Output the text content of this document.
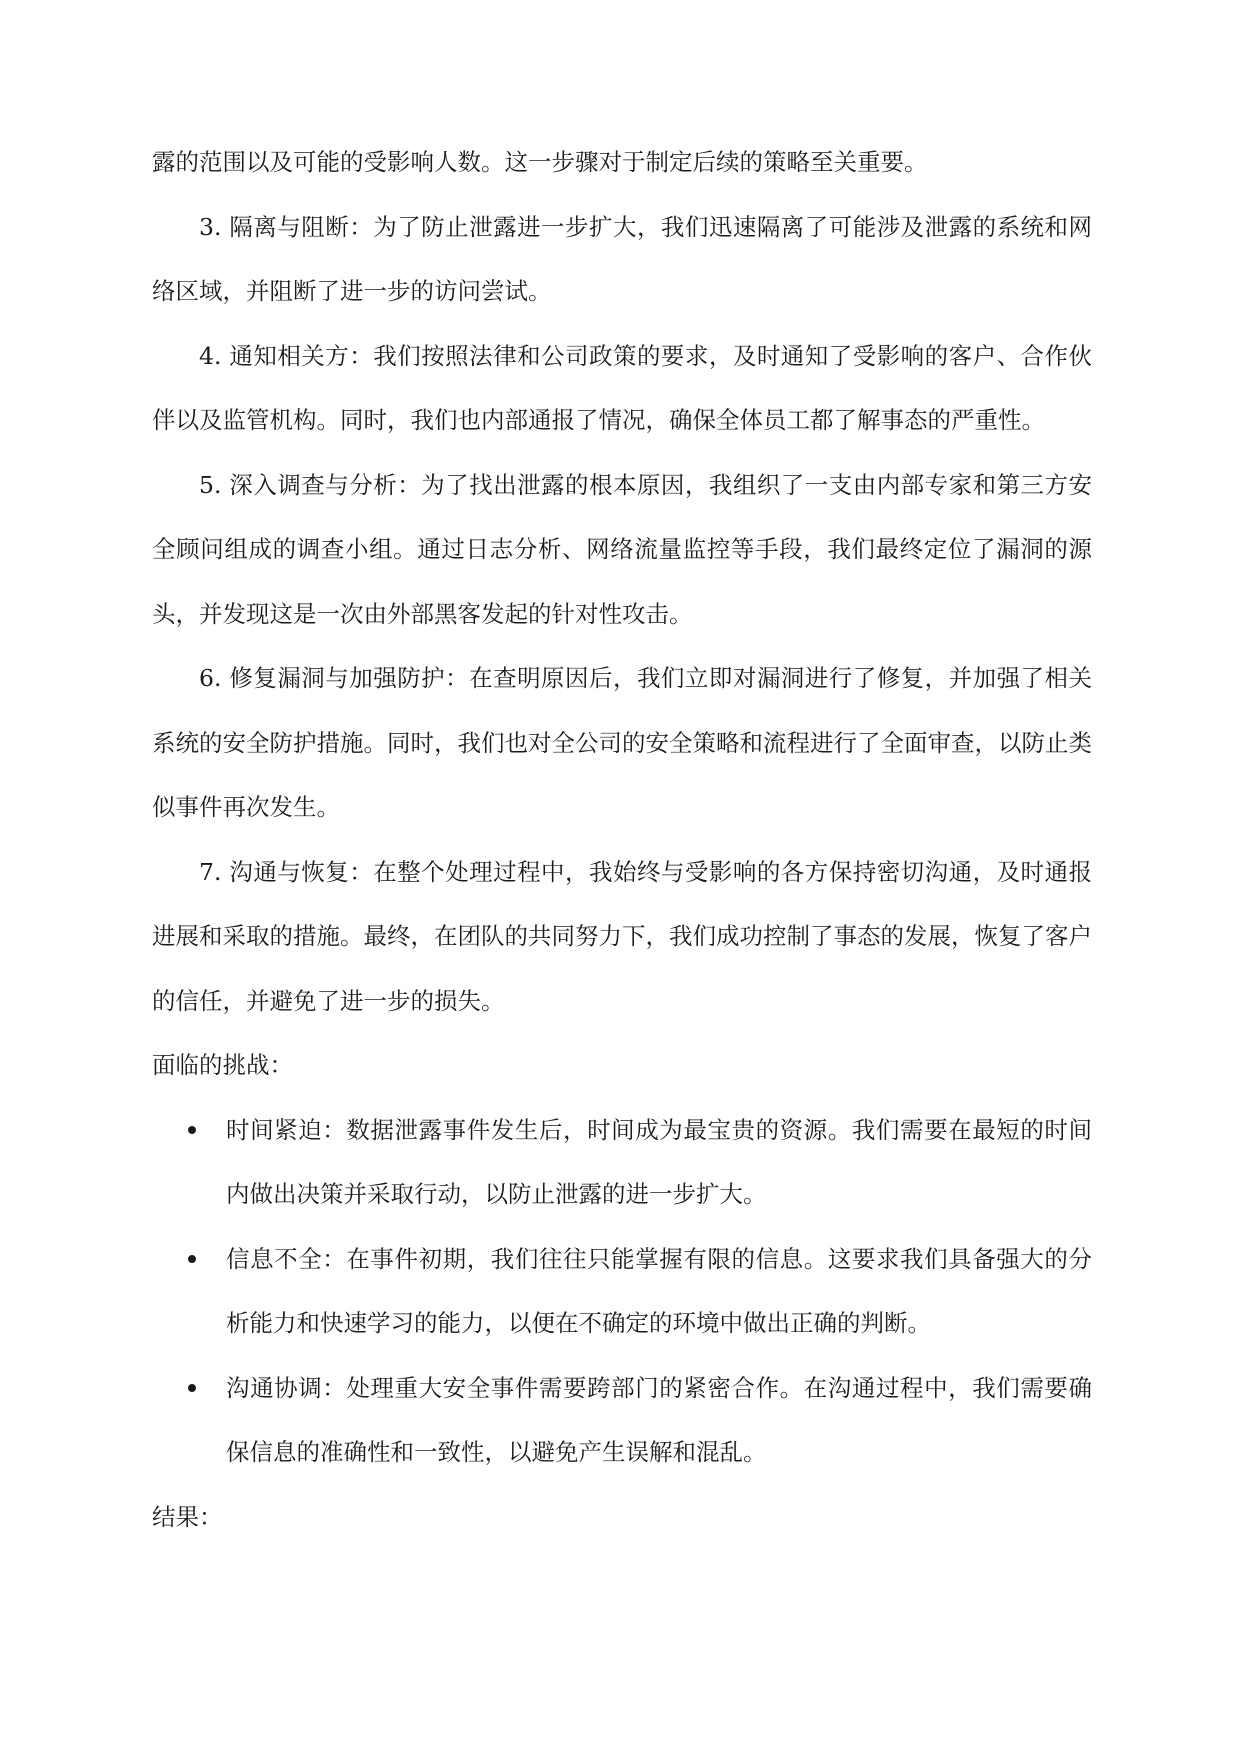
露的范围以及可能的受影响人数。这一步骤对于制定后续的策略至关重要。

3. 隔离与阻断：为了防止泄露进一步扩大，我们迅速隔离了可能涉及泄露的系统和网络区域，并阻断了进一步的访问尝试。

4. 通知相关方：我们按照法律和公司政策的要求，及时通知了受影响的客户、合作伙伴以及监管机构。同时，我们也内部通报了情况，确保全体员工都了解事态的严重性。

5. 深入调查与分析：为了找出泄露的根本原因，我组织了一支由内部专家和第三方安全顾问组成的调查小组。通过日志分析、网络流量监控等手段，我们最终定位了漏洞的源头，并发现这是一次由外部黑客发起的针对性攻击。

6. 修复漏洞与加强防护：在查明原因后，我们立即对漏洞进行了修复，并加强了相关系统的安全防护措施。同时，我们也对全公司的安全策略和流程进行了全面审查，以防止类似事件再次发生。

7. 沟通与恢复：在整个处理过程中，我始终与受影响的各方保持密切沟通，及时通报进展和采取的措施。最终，在团队的共同努力下，我们成功控制了事态的发展，恢复了客户的信任，并避免了进一步的损失。

面临的挑战：

时间紧迫：数据泄露事件发生后，时间成为最宝贵的资源。我们需要在最短的时间内做出决策并采取行动，以防止泄露的进一步扩大。
信息不全：在事件初期，我们往往只能掌握有限的信息。这要求我们具备强大的分析能力和快速学习的能力，以便在不确定的环境中做出正确的判断。
沟通协调：处理重大安全事件需要跨部门的紧密合作。在沟通过程中，我们需要确保信息的准确性和一致性，以避免产生误解和混乱。

结果：
